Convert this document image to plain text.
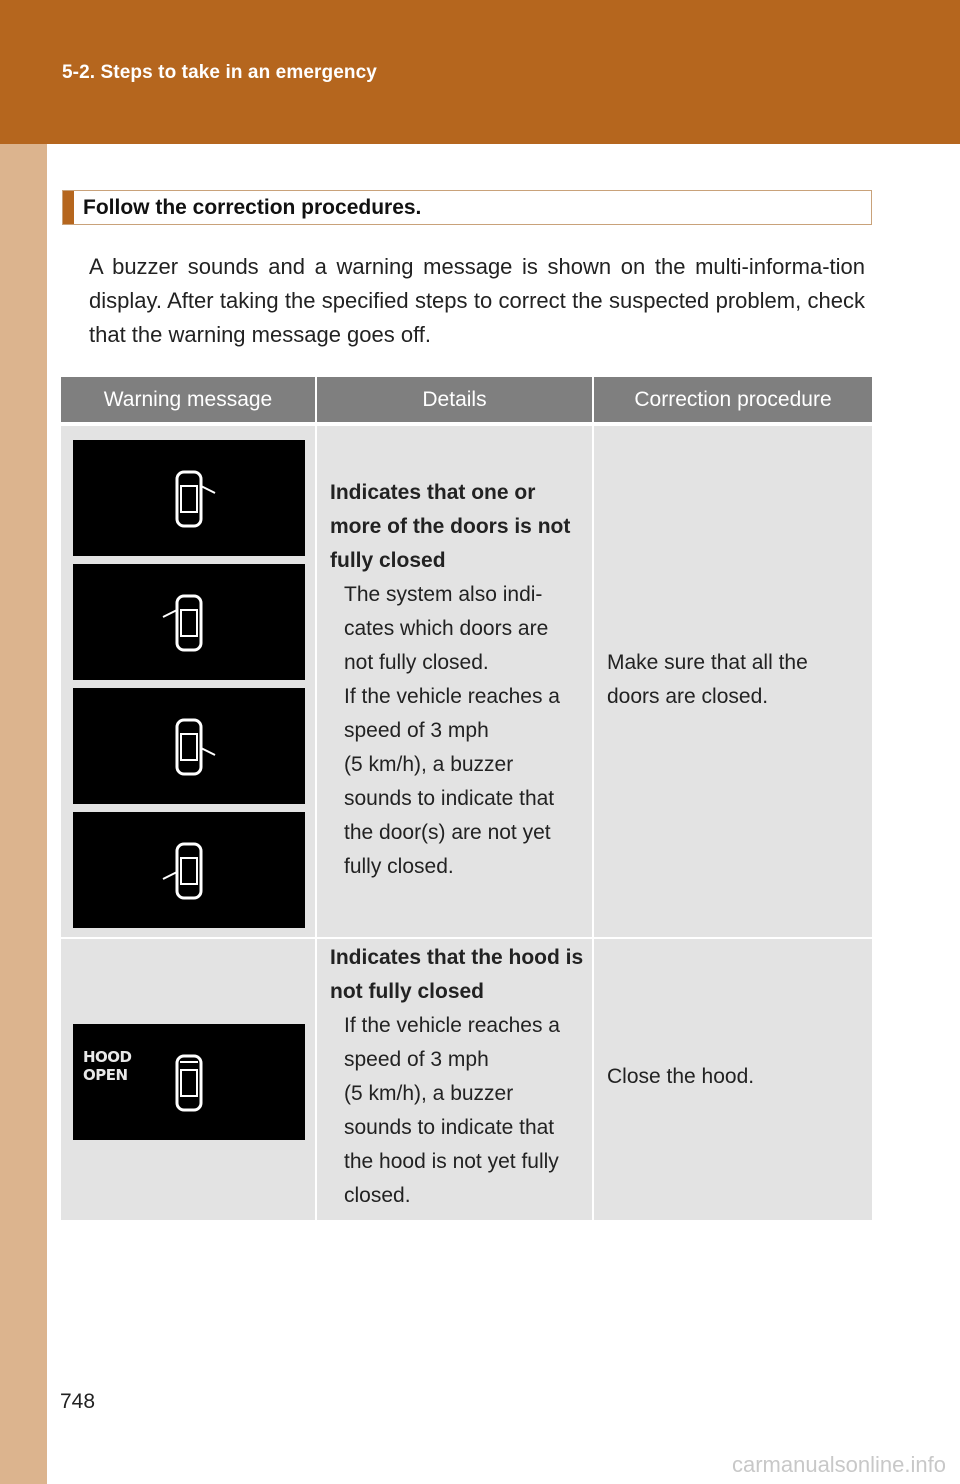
5-2. Steps to take in an emergency
Follow the correction procedures.

A buzzer sounds and a warning message is shown on the multi-informa-tion display. After taking the specified steps to correct the suspected problem, check that the warning message goes off.

Warning message	Details	Correction procedure
Indicates that one or
more of the doors is not
fully closed
The system also indi-
cates which doors are
not fully closed.
If the vehicle reaches a
speed of 3 mph
(5 km/h), a buzzer
sounds to indicate that
the door(s) are not yet
fully closed.
Make sure that all the
doors are closed.
HOOD
OPEN
Indicates that the hood is
not fully closed
If the vehicle reaches a
speed of 3 mph
(5 km/h), a buzzer
sounds to indicate that
the hood is not yet fully
closed.
Close the hood.
748
carmanualsonline.info
